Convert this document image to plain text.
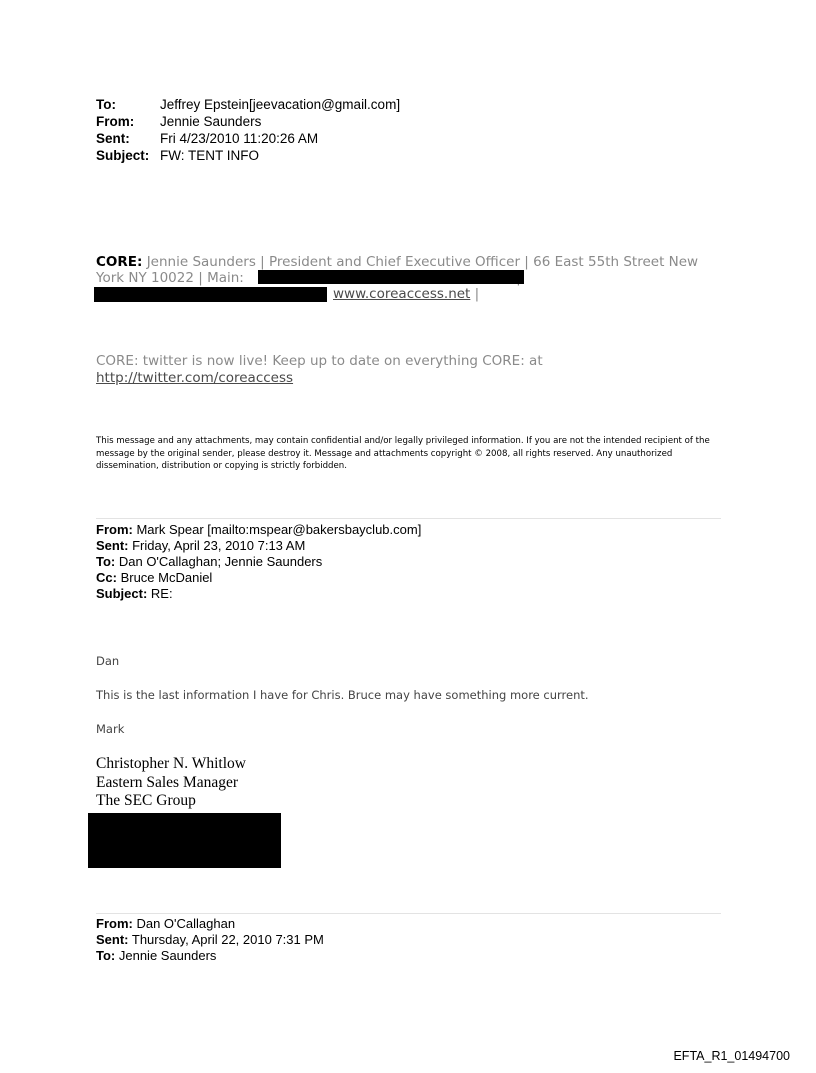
To:	Jeffrey Epstein[jeevacation@gmail.com]
From:	Jennie Saunders
Sent:	Fri 4/23/2010 11:20:26 AM
Subject: FW: TENT INFO
CORE: Jennie Saunders | President and Chief Executive Officer | 66 East 55th Street New
York NY 10022 | Main:
www.coreaccess.net |
CORE: twitter is now live! Keep up to date on everything CORE: at
http://twitter.com/coreaccess
This message and any attachments, may contain confidential and/or legally privileged information. If you are not the intended recipient of the message by the original sender, please destroy it. Message and attachments copyright © 2008, all rights reserved. Any unauthorized dissemination, distribution or copying is strictly forbidden.
From: Mark Spear [mailto:mspear@bakersbayclub.com]
Sent: Friday, April 23, 2010 7:13 AM
To: Dan O'Callaghan; Jennie Saunders
Cc: Bruce McDaniel
Subject: RE:
Dan
This is the last information I have for Chris. Bruce may have something more current.
Mark
Christopher N. Whitlow
Eastern Sales Manager
The SEC Group
From: Dan O'Callaghan
Sent: Thursday, April 22, 2010 7:31 PM
To: Jennie Saunders
EFTA_R1_01494700
